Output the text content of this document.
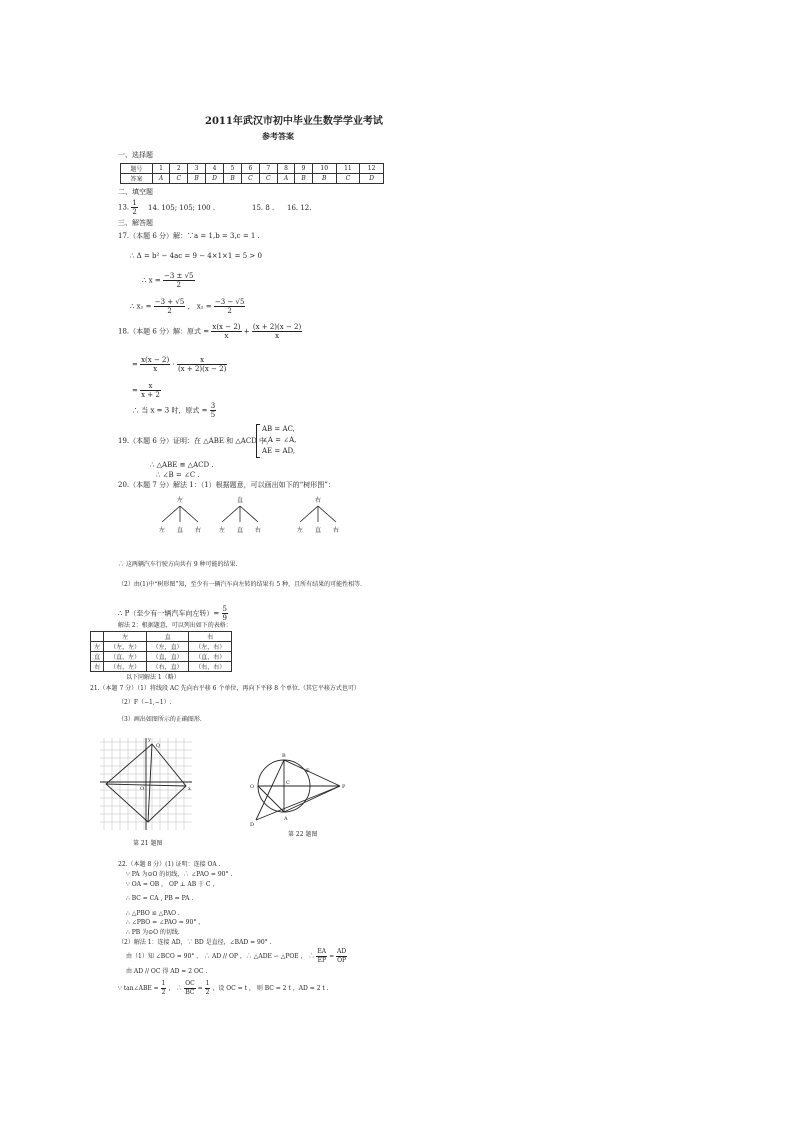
2011年武汉市初中毕业生数学学业考试
参考答案
一、选择题
题号	1	2	3	4	5	6	7	8	9	10	11	12
答案	A	C	B	D	B	C	C	A	B	B	C	D
二、填空题
13. $\frac{1}{2} 14$. 105; 105; 100 .	15. 8 . 16. 12.
三、解答题
17.（本题 6 分）解：∵a = 1,b = 3,c = 1 .
∴ Δ = b² − 4ac = 9 − 4×1×1 = 5 > 0
∴ $x = \frac{-3 \pm √5}{2}$
∴ $x_1 = \frac{-3 + √5}{2}$ ， $x_2 = \frac{-3 - √5}{2}$
18.（本题 6 分）解：原式 = $\frac{x(x - 2)}{x} + \frac{(x + 2)(x - 2)}{x}$
= $\frac{x(x - 2)}{x} \cdot \frac{x}{(x + 2)(x - 2)}$
= $\frac{x}{x + 2}$
∴ 当 x = 3 时，原式 = $\frac{3}{5}$
19.（本题 6 分）证明：在 △ABE 和 △ACD 中，
AB = AC,
∠A = ∠A,
AE = AD,
∴ △ABE ≌ △ACD .
∴ ∠B = ∠C .
20.（本题 7 分）解法 1：（1）根据题意，可以画出如下的“树形图”：
左
左 直 右
直
左 直 右
右
左 直 右
∴ 这两辆汽车行驶方向共有 9 种可能的结果.
（2）由(1)中“树形图”知，至少有一辆汽车向左转的结果有 5 种，且所有结果的可能性相等.
∴ P（至少有一辆汽车向左转）= $\frac{5}{9}$
解法 2：根据题意，可以列出如下的表格：
	左	直	右
左	（左，左）	（左，直）	（左，右）
直	（直，左）	（直，直）	（直，右）
右	（右，左）	（右，直）	（右，右）
以下同解法 1（略）
21.（本题 7 分）（1）将线段 AC 先向右平移 6 个单位，再向下平移 8 个单位.（其它平移方式也可）
（2）F（−1,−1）.
（3）画出如图所示的正确图形.
Q
x
y
O
第 21 题图
B
P
A
O
C
D
E
第 22 题图
22.（本题 8 分）(1) 证明：连接 OA .
∵ PA 为⊙O 的切线，∴ ∠PAO = 90° .
∵ OA = OB ， OP ⊥ AB 于 C ，
∴ BC = CA , PB = PA .
∴ △PBO ≌ △PAO .
∴ ∠PBO = ∠PAO = 90° ，
∴ PB 为⊙O 的切线.
（2）解法 1：连接 AD，∵ BD 是直径，∠BAD = 90° .
由（1）知 ∠BCO = 90° ， ∴ AD // OP ，∴ △ADE ∽ △POE ， ∴ $\frac{EA}{EP} = \frac{AD}{OP}$
由 AD // OC 得 AD = 2 OC .
∵ tan∠ABE = $\frac{1}{2}$ ， ∴ $\frac{OC}{BC} = \frac{1}{2}$ ，设 OC = t ， 则 BC = 2 t ，AD = 2 t .
